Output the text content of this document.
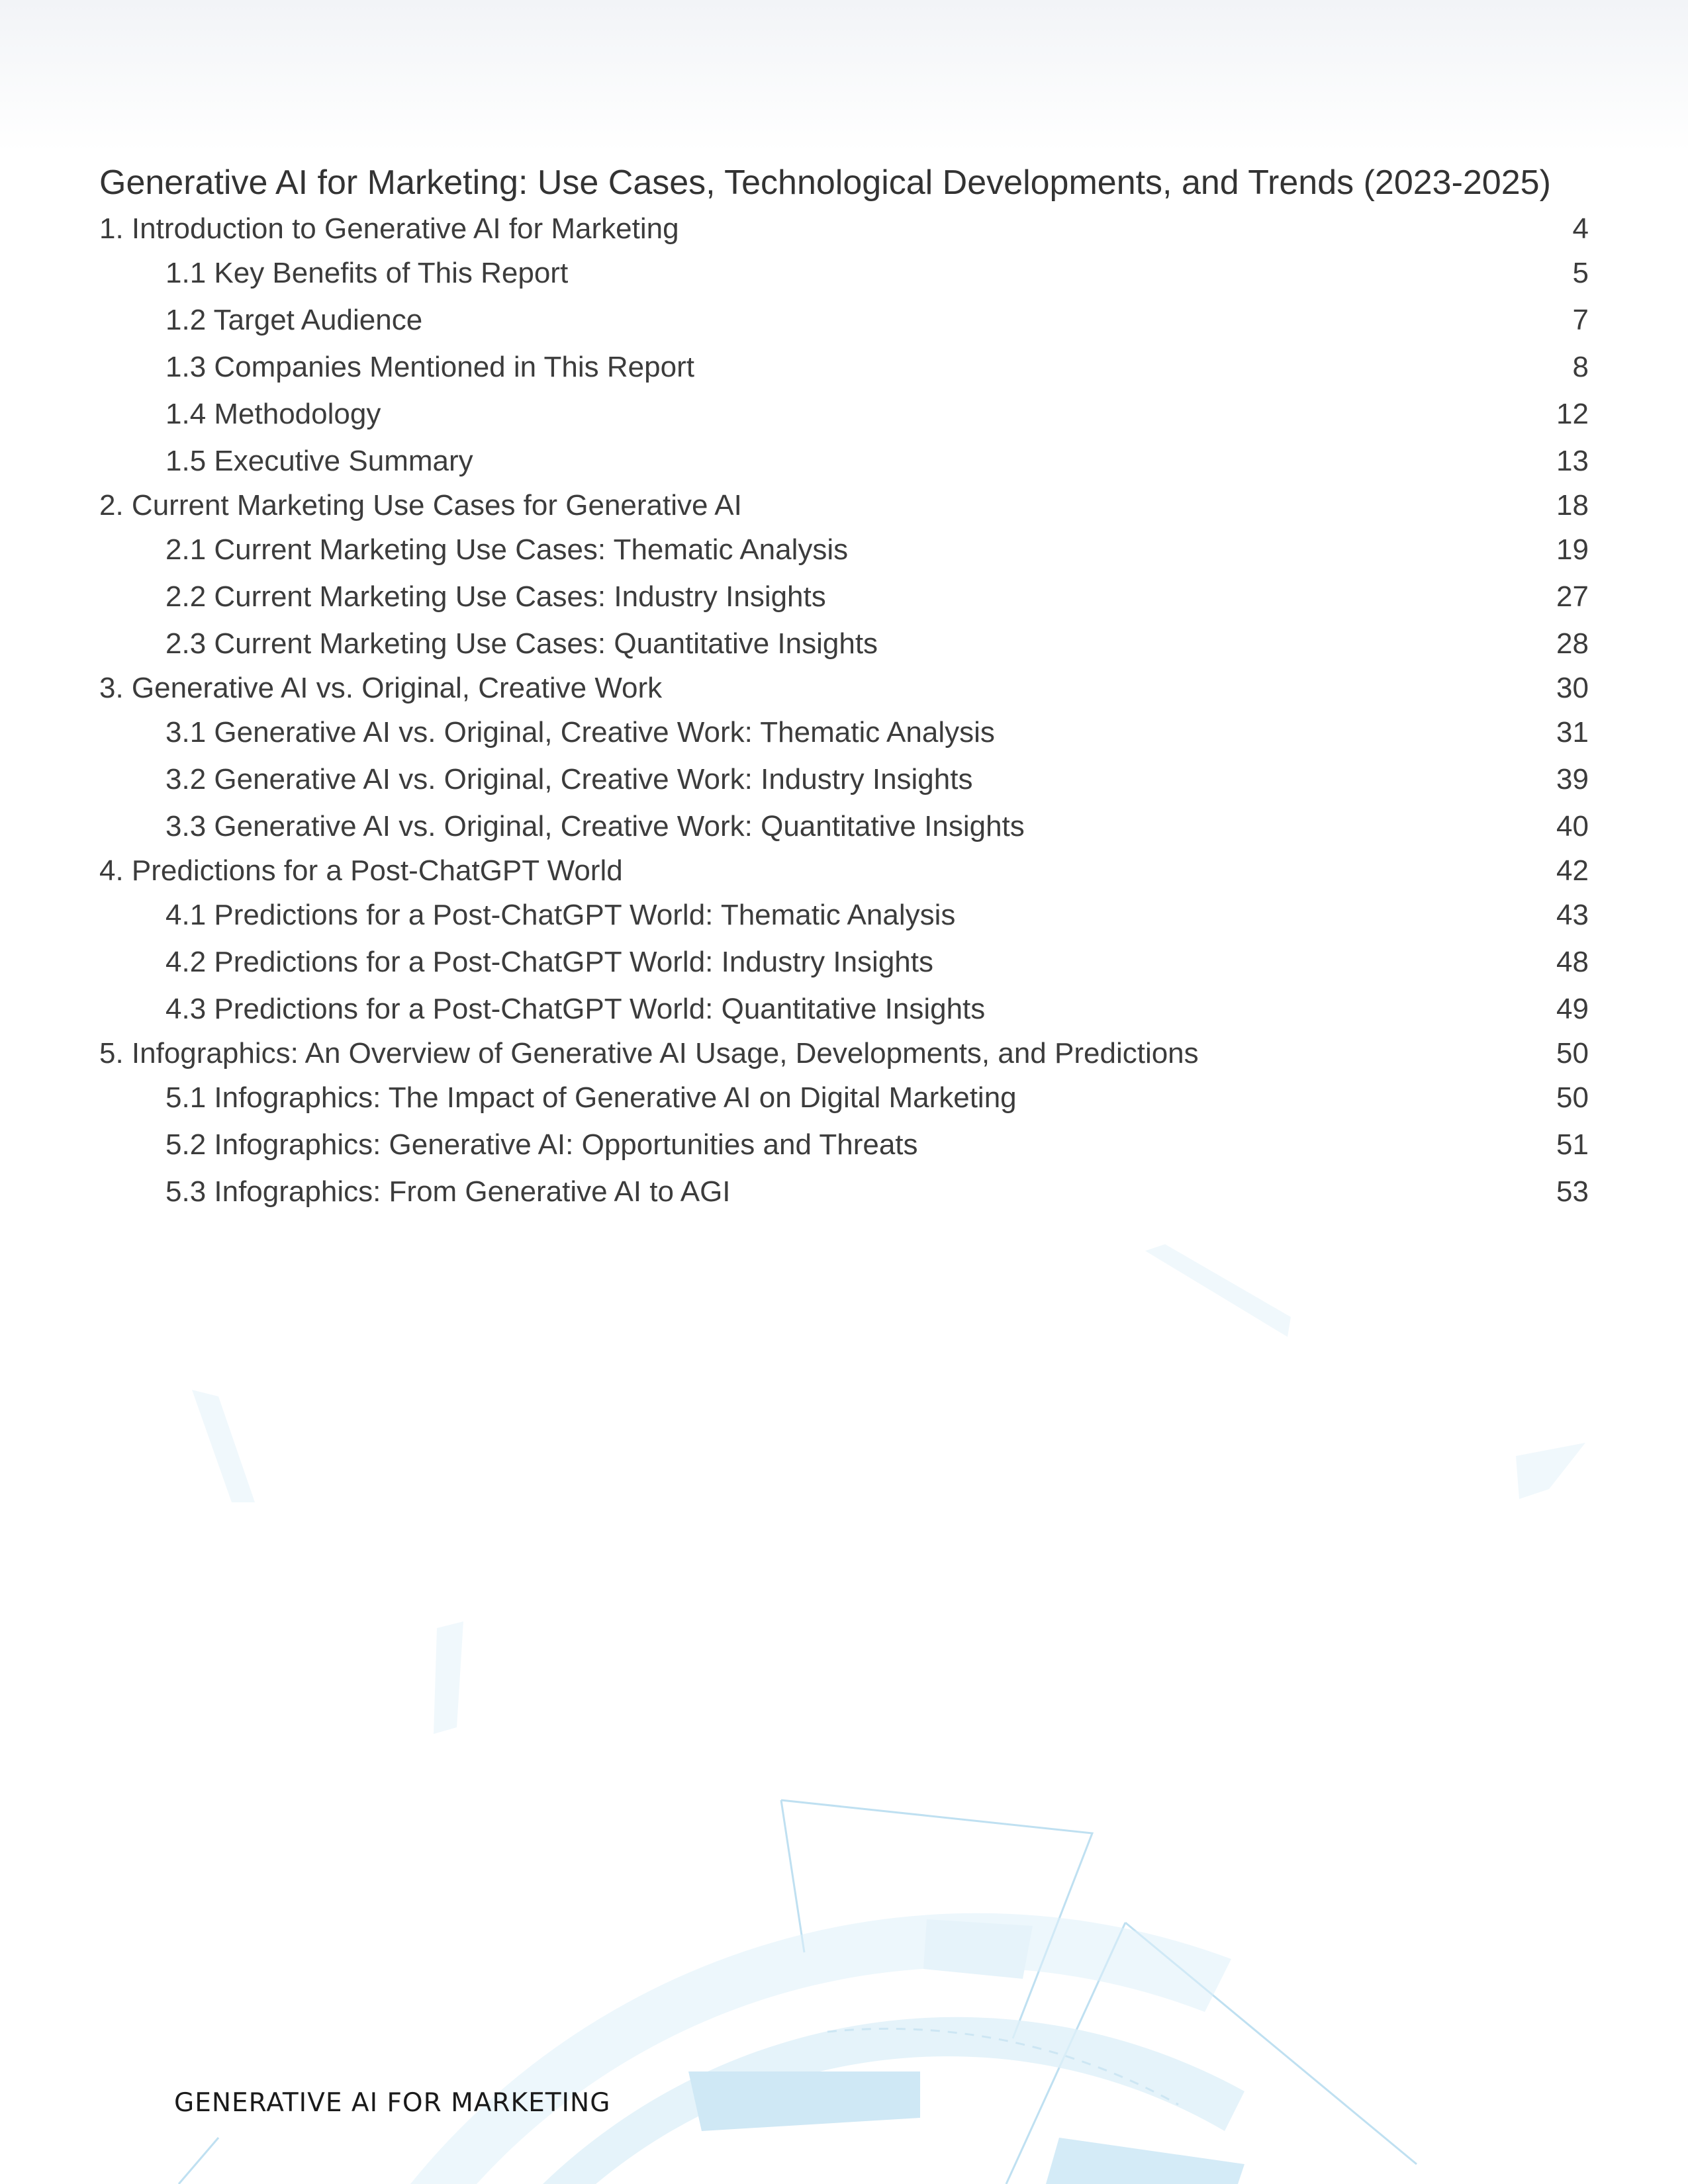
Generative AI for Marketing: Use Cases, Technological Developments, and Trends (2023-2025)
1. Introduction to Generative AI for Marketing	4
1.1 Key Benefits of This Report	5
1.2 Target Audience	7
1.3 Companies Mentioned in This Report	8
1.4 Methodology	12
1.5 Executive Summary	13
2. Current Marketing Use Cases for Generative AI	18
2.1 Current Marketing Use Cases: Thematic Analysis	19
2.2 Current Marketing Use Cases: Industry Insights	27
2.3 Current Marketing Use Cases: Quantitative Insights	28
3. Generative AI vs. Original, Creative Work	30
3.1 Generative AI vs. Original, Creative Work: Thematic Analysis	31
3.2 Generative AI vs. Original, Creative Work: Industry Insights	39
3.3 Generative AI vs. Original, Creative Work: Quantitative Insights	40
4. Predictions for a Post-ChatGPT World	42
4.1 Predictions for a Post-ChatGPT World: Thematic Analysis	43
4.2 Predictions for a Post-ChatGPT World: Industry Insights	48
4.3 Predictions for a Post-ChatGPT World: Quantitative Insights	49
5. Infographics: An Overview of Generative AI Usage, Developments, and Predictions	50
5.1 Infographics: The Impact of Generative AI on Digital Marketing	50
5.2 Infographics: Generative AI: Opportunities and Threats	51
5.3 Infographics: From Generative AI to AGI	53
GENERATIVE AI FOR MARKETING
